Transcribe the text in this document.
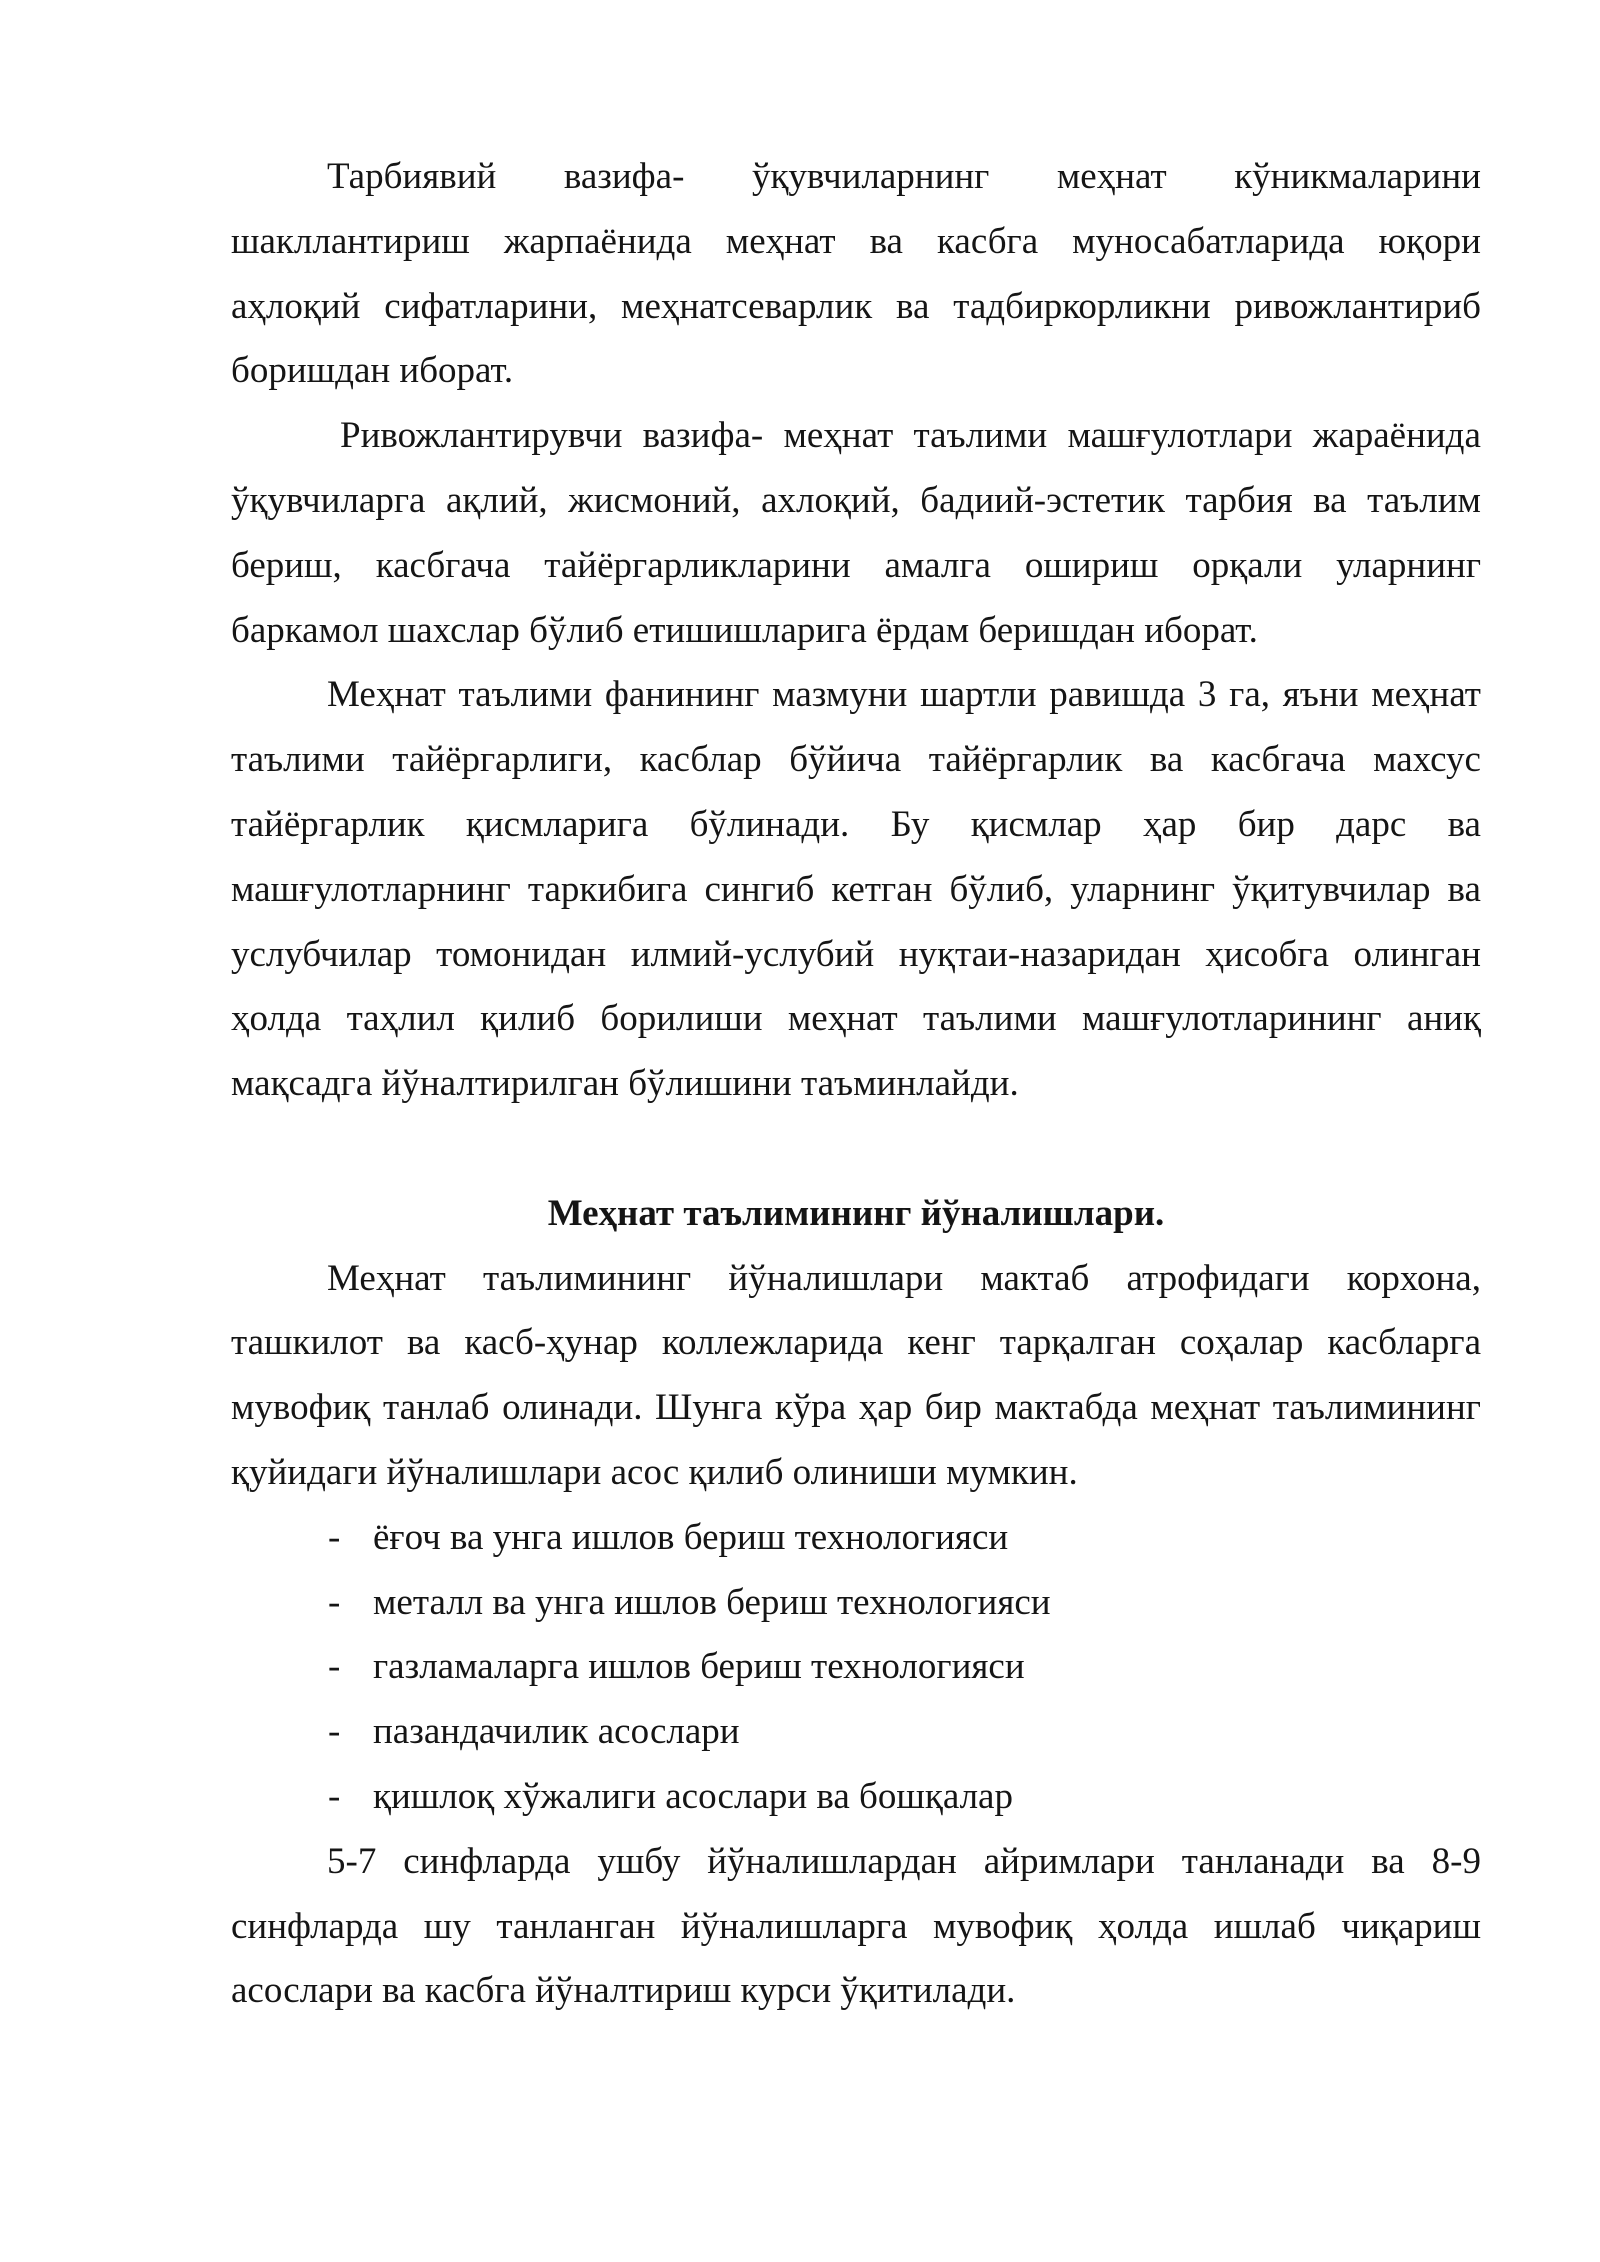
Тарбиявий вазифа- ўқувчиларнинг меҳнат кўникмаларини
шакллантириш жарпаёнида меҳнат ва касбга муносабатларида юқори
аҳлоқий сифатларини, меҳнатсеварлик ва тадбиркорликни ривожлантириб
боришдан иборат.
Ривожлантирувчи вазифа- меҳнат таълими машғулотлари жараёнида
ўқувчиларга ақлий, жисмоний, ахлоқий, бадиий-эстетик тарбия ва таълим
бериш, касбгача тайёргарликларини амалга ошириш орқали уларнинг
баркамол шахслар бўлиб етишишларига ёрдам беришдан иборат.
Меҳнат таълими фанининг мазмуни шартли равишда 3 га, яъни меҳнат
таълими тайёргарлиги, касблар бўйича тайёргарлик ва касбгача махсус
тайёргарлик қисмларига бўлинади. Бу қисмлар ҳар бир дарс ва
машғулотларнинг таркибига сингиб кетган бўлиб, уларнинг ўқитувчилар ва
услубчилар томонидан илмий-услубий нуқтаи-назаридан ҳисобга олинган
ҳолда таҳлил қилиб борилиши меҳнат таълими машғулотларининг аниқ
мақсадга йўналтирилган бўлишини таъминлайди.
Меҳнат таълимининг йўналишлари.
Меҳнат таълимининг йўналишлари мактаб атрофидаги корхона,
ташкилот ва касб-ҳунар коллежларида кенг тарқалган соҳалар касбларга
мувофиқ танлаб олинади. Шунга кўра ҳар бир мактабда меҳнат таълимининг
қуйидаги йўналишлари асос қилиб олиниши мумкин.
- ёғоч ва унга ишлов бериш технологияси
- металл ва унга ишлов бериш технологияси
- газламаларга ишлов бериш технологияси
- пазандачилик асослари
- қишлоқ хўжалиги асослари ва бошқалар
5-7 синфларда ушбу йўналишлардан айримлари танланади ва 8-9
синфларда шу танланган йўналишларга мувофиқ ҳолда ишлаб чиқариш
асослари ва касбга йўналтириш курси ўқитилади.
